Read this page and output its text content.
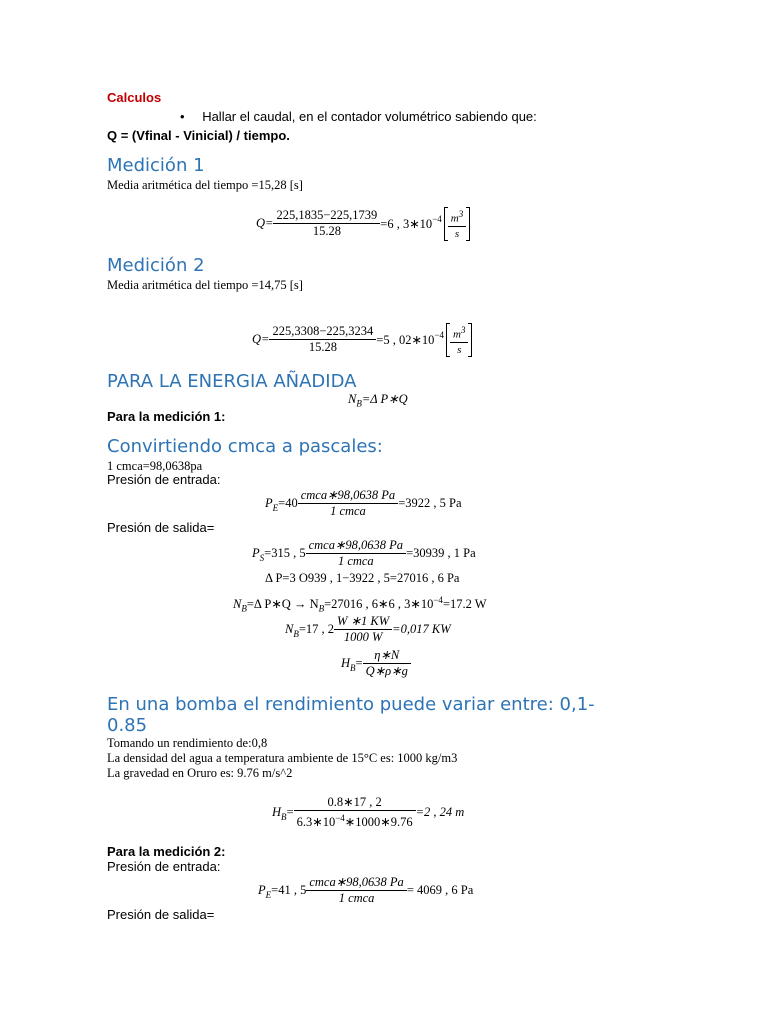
Calculos
• Hallar el caudal, en el contador volumétrico sabiendo que:
Q = (Vfinal - Vinicial) / tiempo.
Medición 1
Media aritmética del tiempo =15,28 [s]
$Q= \frac{225,1835-225,1739}{15.28} =6$ , 3∗10−4 $\frac{m^3}{s}$
Medición 2
Media aritmética del tiempo =14,75 [s]
$Q= \frac{225,3308-225,3234}{15.28} =5$ , 02∗10−4 $\frac{m^3}{s}$
PARA LA ENERGIA AÑADIDA
$N_B=\Delta$ P∗Q
Para la medición 1:
Convirtiendo cmca a pascales:
1 cmca=98,0638pa
Presión de entrada:
$PE=40 \frac{\text{cmca∗98,0638 Pa}}{\text{1 cmca}} =3922$ , 5 Pa
Presión de salida=
PS=315 , $5 \frac{\text{cmca∗98,0638 Pa}}{\text{1 cmca}} =30939$ , 1 Pa
Δ P=3 O939 , 1−3922 , 5=27016 , 6 Pa
$N_B=\Delta$ P∗Q → $N_B=27016$ , 6∗6 , $3∗10^{-4}=17.2$ W
NB=17 , $2 \frac{W ∗1 KW}{1000 W} =0,017$ KW
$HB= \frac{\eta∗N}{Q∗\rho∗g}$
En una bomba el rendimiento puede variar entre: 0,1-
0.85
Tomando un rendimiento de:0,8
La densidad del agua a temperatura ambiente de 15°C es: 1000 kg/m3
La gravedad en Oruro es: 9.76 m/s^2
$HB= \frac{0.8∗17 , 2}{6.3∗10^{-4}∗1000∗9.76} =2$ , 24 m
Para la medición 2:
Presión de entrada:
PE=41 , $5 \frac{\text{cmca∗98,0638 Pa}}{\text{1 cmca}} = 4069$ , 6 Pa
Presión de salida=
